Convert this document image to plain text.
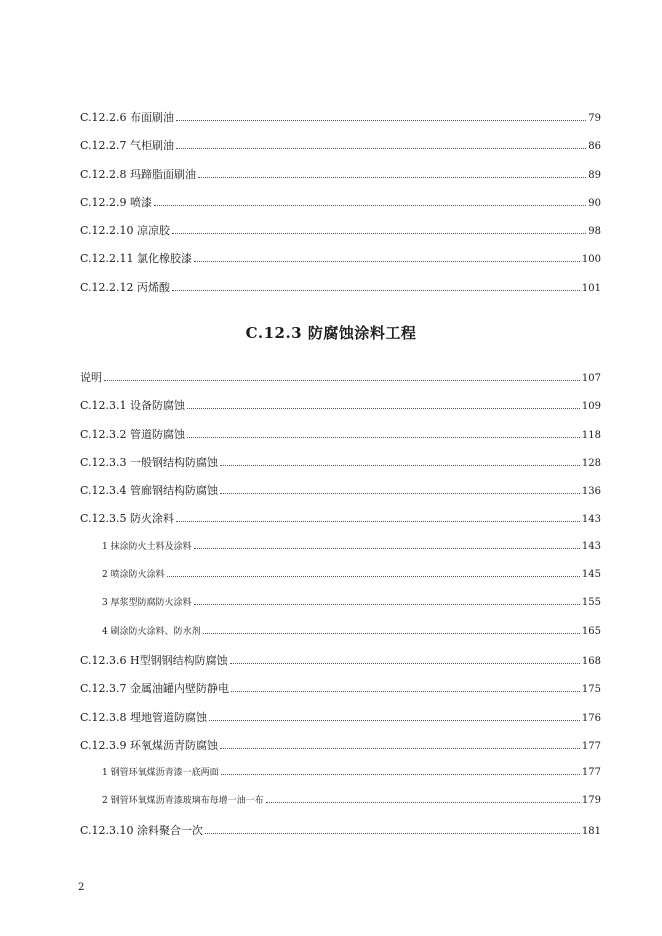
C.12.2.6 布面刷油	79
C.12.2.7 气柜刷油	86
C.12.2.8 玛蹄脂面刷油	89
C.12.2.9 喷漆	90
C.12.2.10 凉凉胶	98
C.12.2.11 氯化橡胶漆	100
C.12.2.12 丙烯酸	101
C.12.3 防腐蚀涂料工程
说明	107
C.12.3.1 设备防腐蚀	109
C.12.3.2 管道防腐蚀	118
C.12.3.3 一般钢结构防腐蚀	128
C.12.3.4 管廊钢结构防腐蚀	136
C.12.3.5 防火涂料	143
1 抹涂防火土料及涂料	143
2 喷涂防火涂料	145
3 厚浆型防腐防火涂料	155
4 刷涂防火涂料、防水剂	165
C.12.3.6 H型钢钢结构防腐蚀	168
C.12.3.7 金属油罐内壁防静电	175
C.12.3.8 埋地管道防腐蚀	176
C.12.3.9 环氧煤沥青防腐蚀	177
1 钢管环氧煤沥青漆一底两面	177
2 钢管环氧煤沥青漆玻璃布每增一油一布	179
C.12.3.10 涂料聚合一次	181
2
